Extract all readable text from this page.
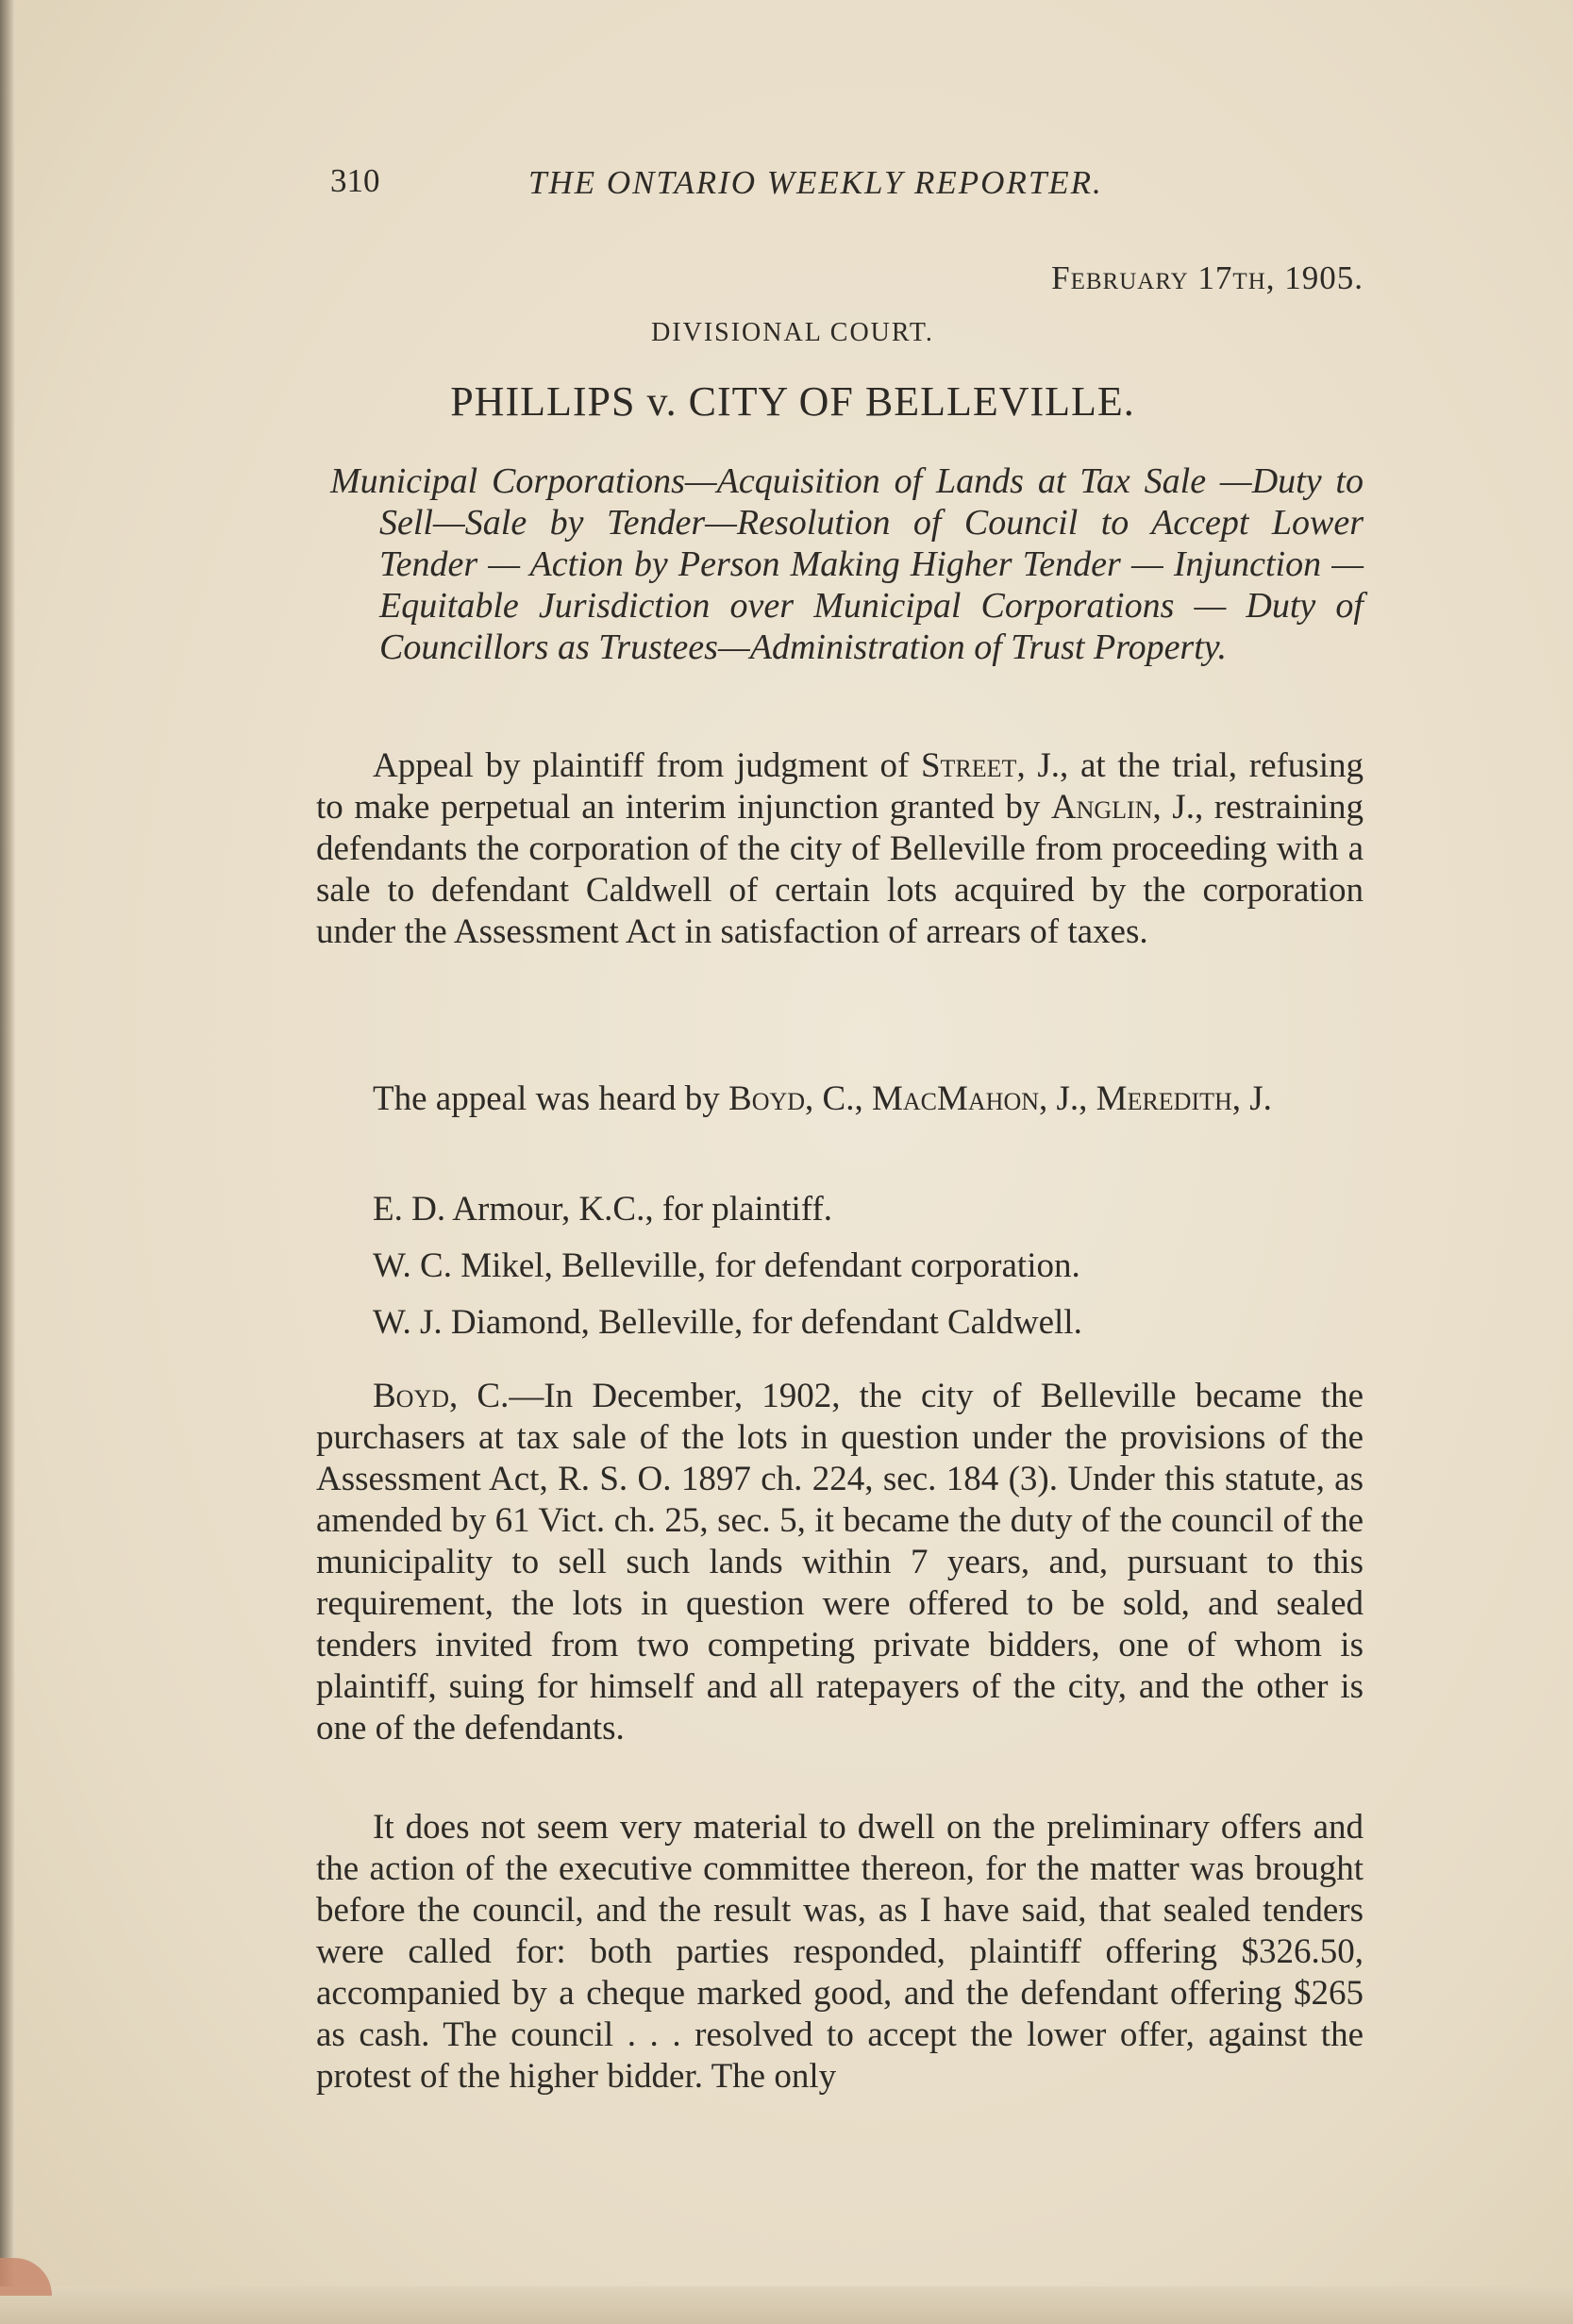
310	THE ONTARIO WEEKLY REPORTER.
February 17th, 1905.
DIVISIONAL COURT.
PHILLIPS v. CITY OF BELLEVILLE.
Municipal Corporations—Acquisition of Lands at Tax Sale —Duty to Sell—Sale by Tender—Resolution of Council to Accept Lower Tender — Action by Person Making Higher Tender — Injunction — Equitable Jurisdiction over Municipal Corporations — Duty of Councillors as Trustees—Administration of Trust Property.
Appeal by plaintiff from judgment of Street, J., at the trial, refusing to make perpetual an interim injunction granted by Anglin, J., restraining defendants the corporation of the city of Belleville from proceeding with a sale to defendant Caldwell of certain lots acquired by the corporation under the Assessment Act in satisfaction of arrears of taxes.
The appeal was heard by Boyd, C., MacMahon, J., Meredith, J.
E. D. Armour, K.C., for plaintiff.
W. C. Mikel, Belleville, for defendant corporation.
W. J. Diamond, Belleville, for defendant Caldwell.
Boyd, C.—In December, 1902, the city of Belleville became the purchasers at tax sale of the lots in question under the provisions of the Assessment Act, R. S. O. 1897 ch. 224, sec. 184 (3). Under this statute, as amended by 61 Vict. ch. 25, sec. 5, it became the duty of the council of the municipality to sell such lands within 7 years, and, pursuant to this requirement, the lots in question were offered to be sold, and sealed tenders invited from two competing private bidders, one of whom is plaintiff, suing for himself and all ratepayers of the city, and the other is one of the defendants.
It does not seem very material to dwell on the preliminary offers and the action of the executive committee thereon, for the matter was brought before the council, and the result was, as I have said, that sealed tenders were called for: both parties responded, plaintiff offering $326.50, accompanied by a cheque marked good, and the defendant offering $265 as cash. The council . . . resolved to accept the lower offer, against the protest of the higher bidder. The only
